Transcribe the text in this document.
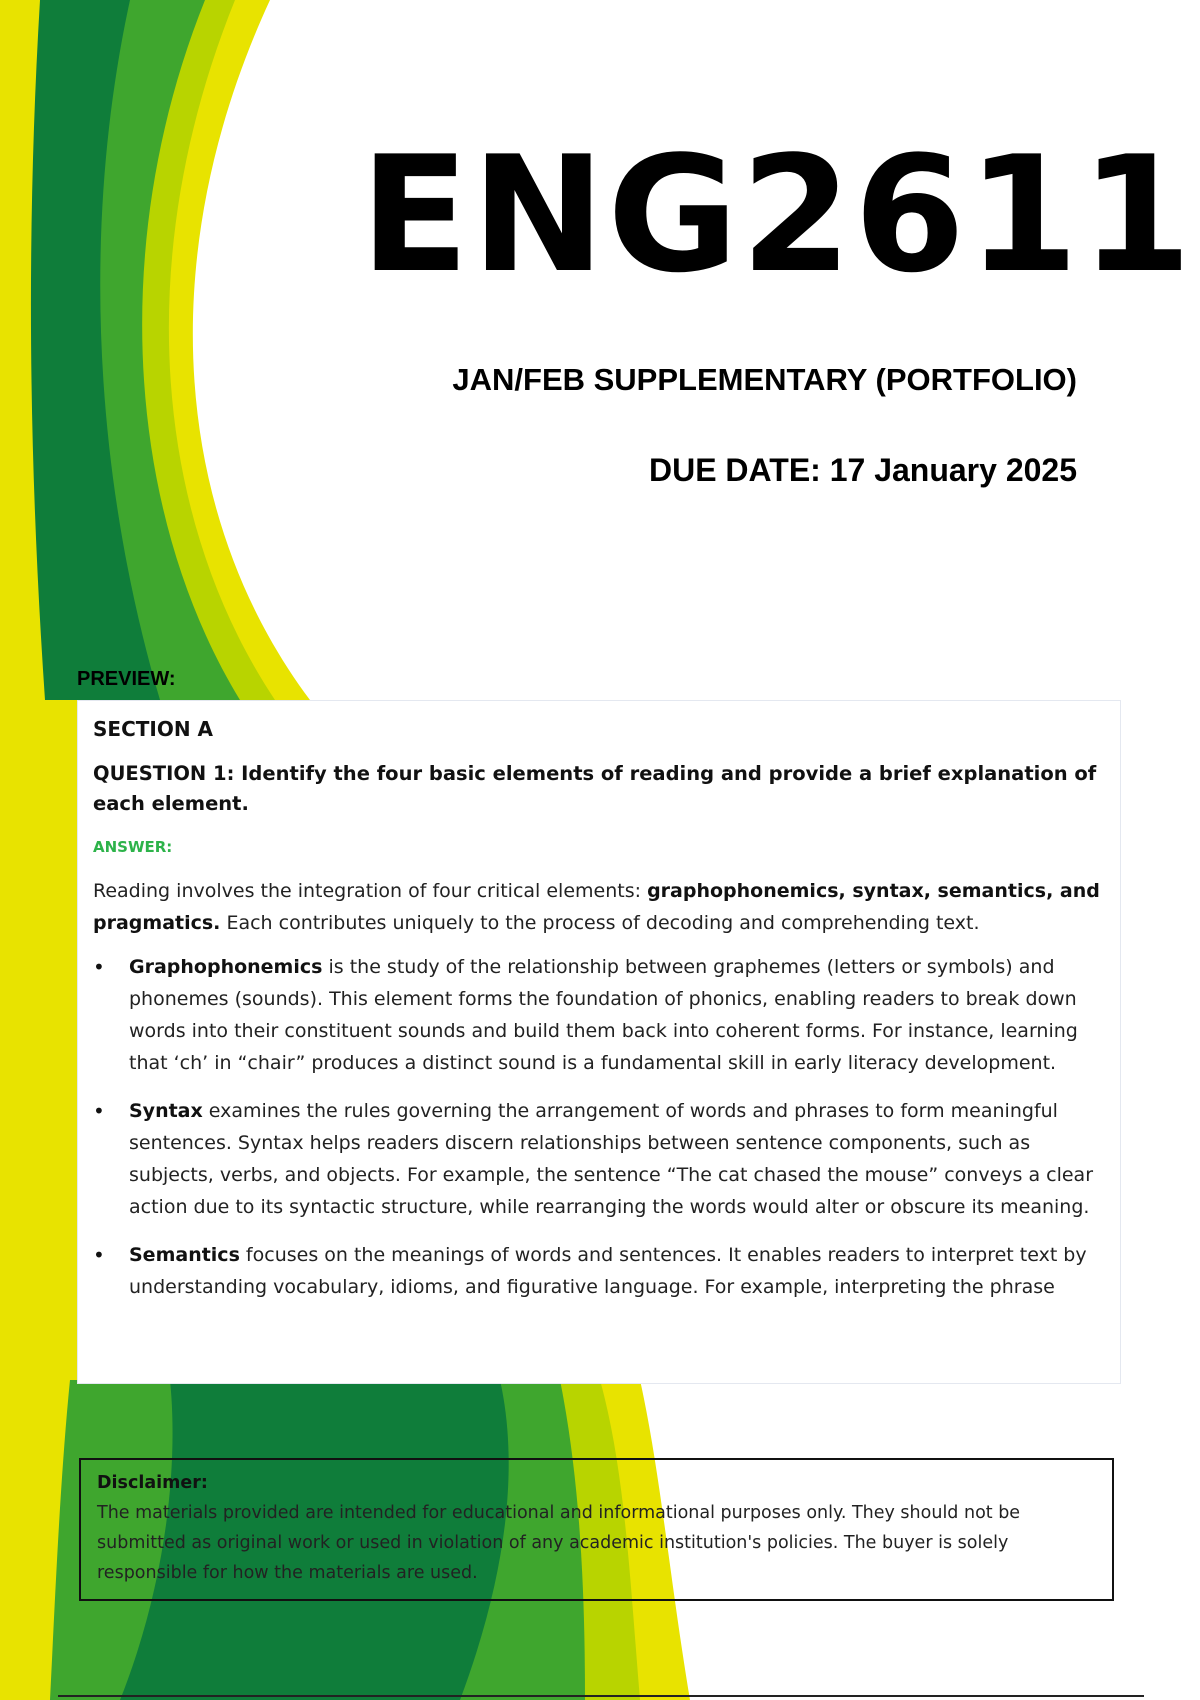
ENG2611

JAN/FEB SUPPLEMENTARY (PORTFOLIO)

DUE DATE: 17 January 2025

PREVIEW:

SECTION A

QUESTION 1: Identify the four basic elements of reading and provide a brief explanation of each element.

ANSWER:

Reading involves the integration of four critical elements: graphophonemics, syntax, semantics, and pragmatics. Each contributes uniquely to the process of decoding and comprehending text.

• Graphophonemics is the study of the relationship between graphemes (letters or symbols) and phonemes (sounds). This element forms the foundation of phonics, enabling readers to break down words into their constituent sounds and build them back into coherent forms. For instance, learning that ‘ch’ in “chair” produces a distinct sound is a fundamental skill in early literacy development.
• Syntax examines the rules governing the arrangement of words and phrases to form meaningful sentences. Syntax helps readers discern relationships between sentence components, such as subjects, verbs, and objects. For example, the sentence “The cat chased the mouse” conveys a clear action due to its syntactic structure, while rearranging the words would alter or obscure its meaning.
• Semantics focuses on the meanings of words and sentences. It enables readers to interpret text by understanding vocabulary, idioms, and figurative language. For example, interpreting the phrase

Disclaimer:

The materials provided are intended for educational and informational purposes only. They should not be submitted as original work or used in violation of any academic institution's policies. The buyer is solely responsible for how the materials are used.
